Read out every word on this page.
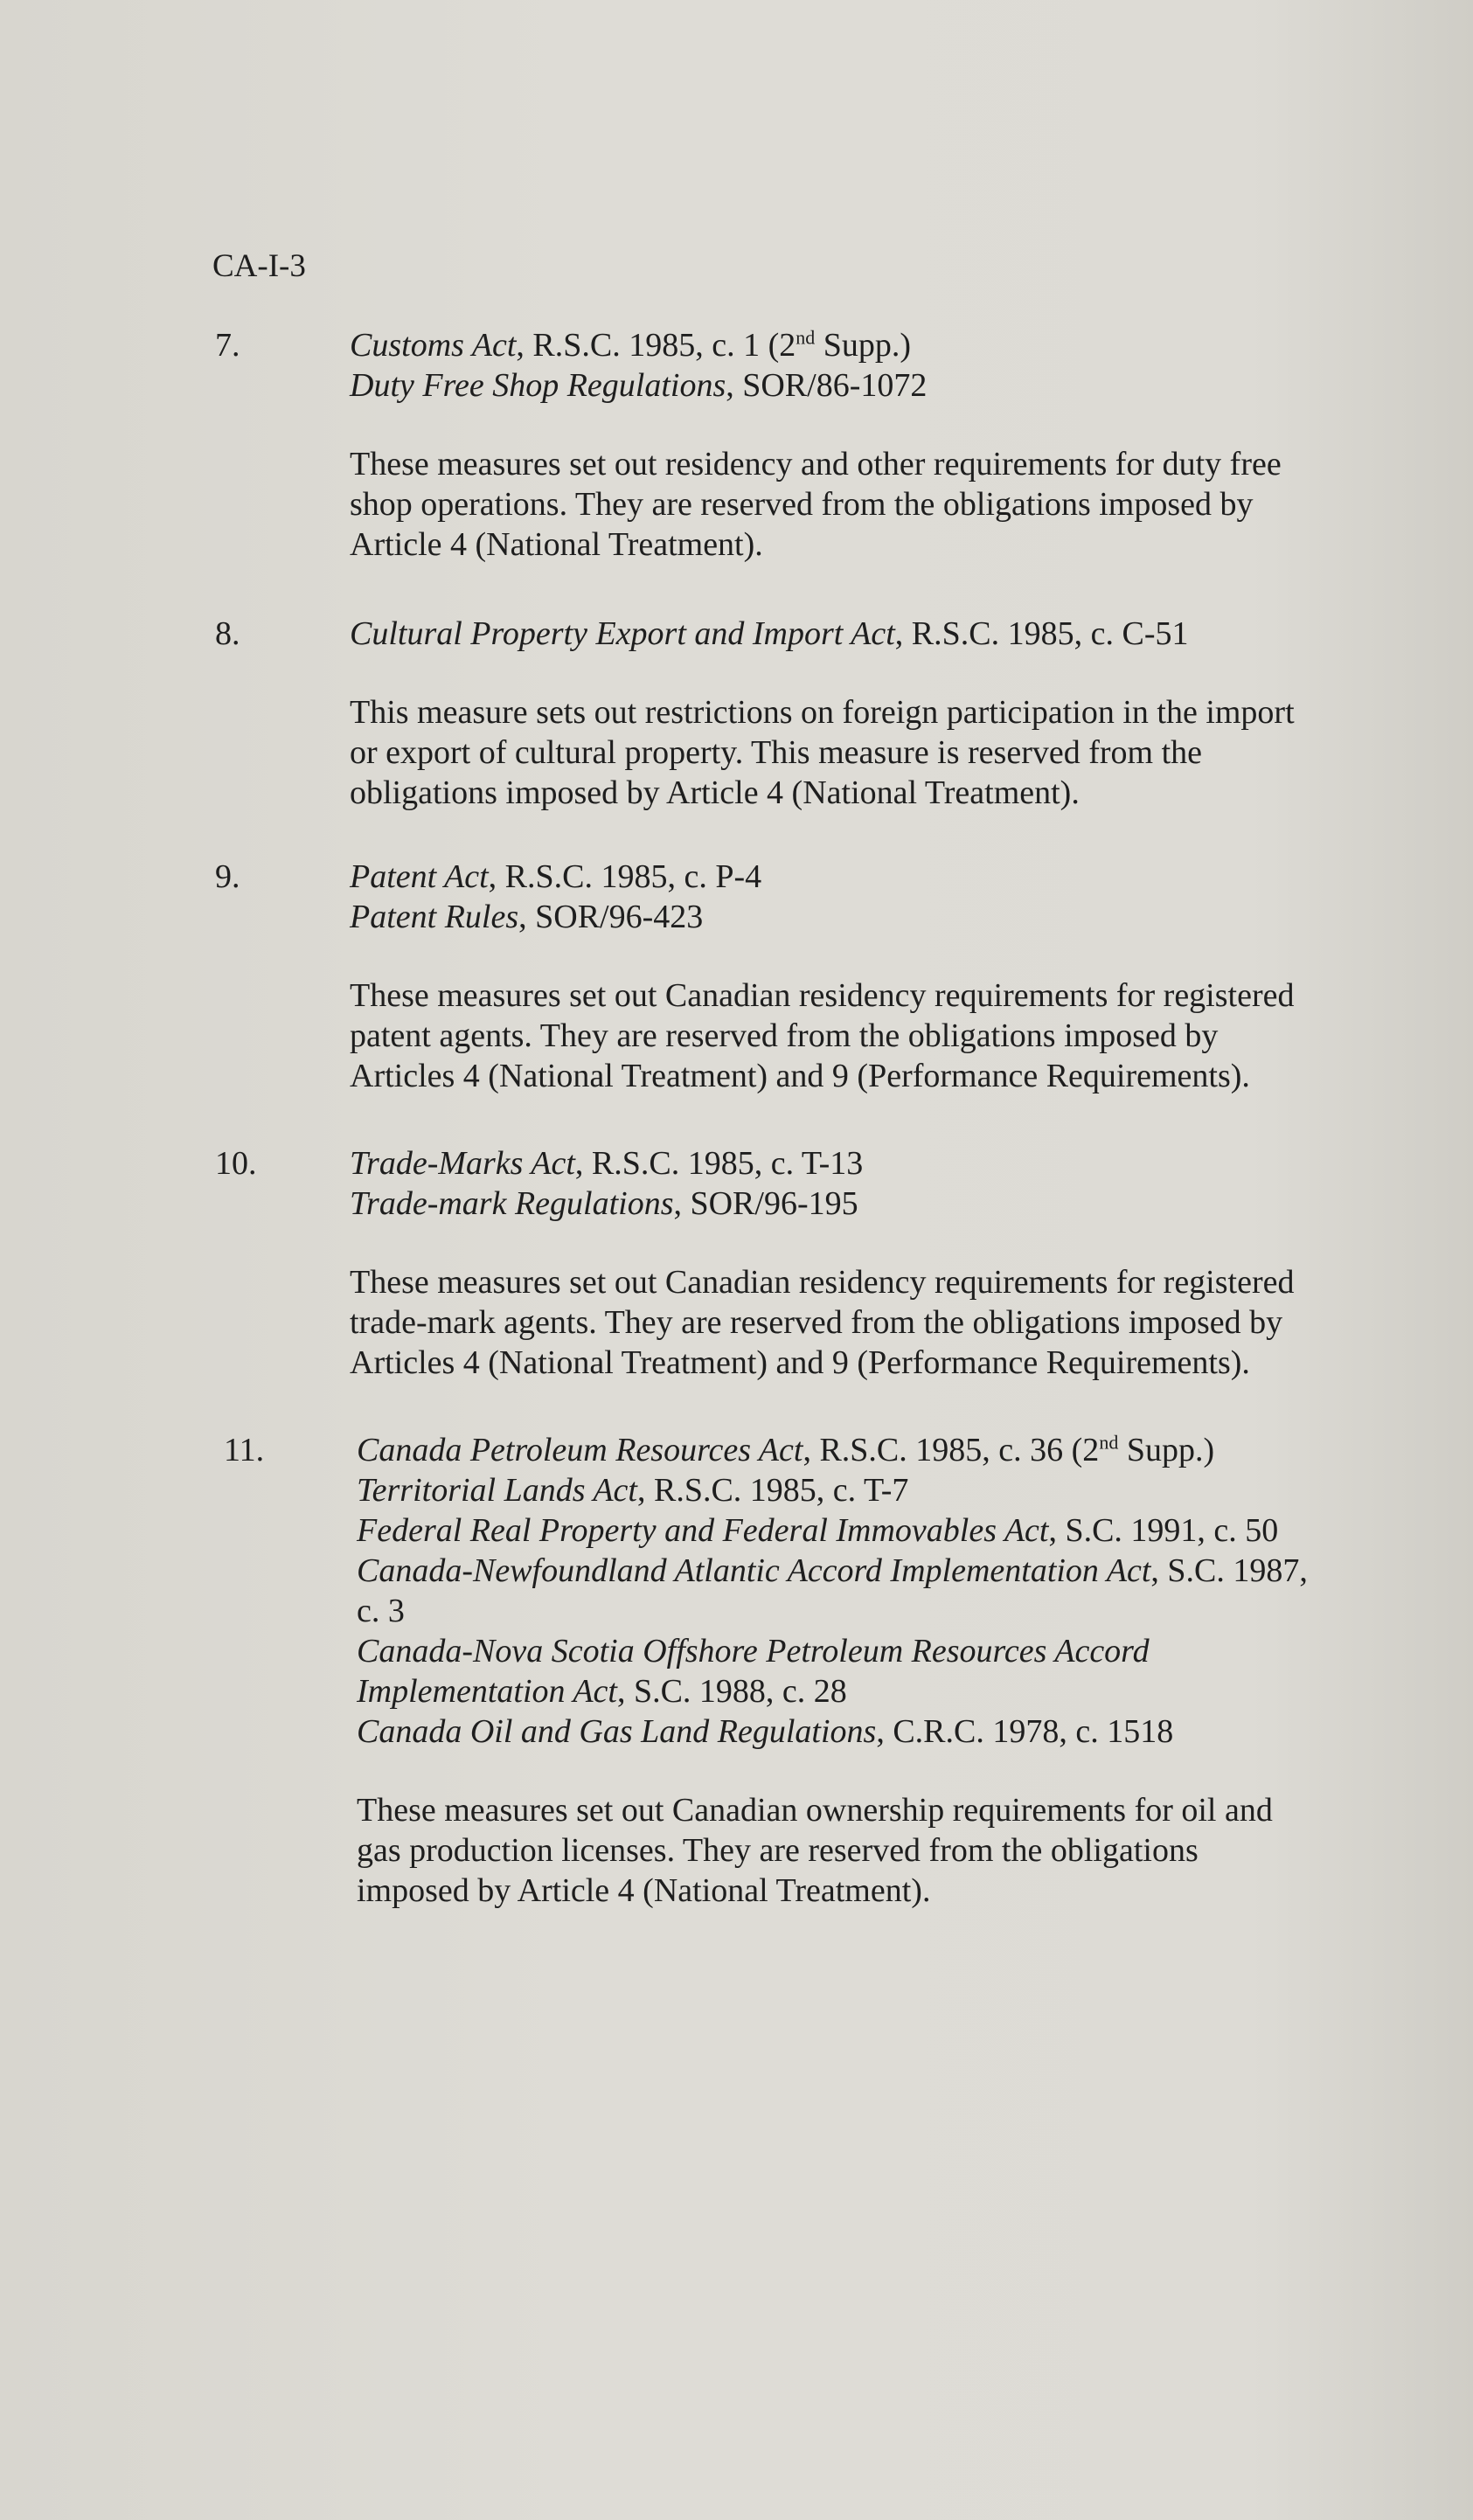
CA-I-3
7.	Customs Act, R.S.C. 1985, c. 1 (2nd Supp.)
Duty Free Shop Regulations, SOR/86-1072
These measures set out residency and other requirements for duty free
shop operations. They are reserved from the obligations imposed by
Article 4 (National Treatment).
8.	Cultural Property Export and Import Act, R.S.C. 1985, c. C-51
This measure sets out restrictions on foreign participation in the import
or export of cultural property. This measure is reserved from the
obligations imposed by Article 4 (National Treatment).
9.	Patent Act, R.S.C. 1985, c. P-4
Patent Rules, SOR/96-423
These measures set out Canadian residency requirements for registered
patent agents. They are reserved from the obligations imposed by
Articles 4 (National Treatment) and 9 (Performance Requirements).
10.	Trade-Marks Act, R.S.C. 1985, c. T-13
Trade-mark Regulations, SOR/96-195
These measures set out Canadian residency requirements for registered
trade-mark agents. They are reserved from the obligations imposed by
Articles 4 (National Treatment) and 9 (Performance Requirements).
11.	Canada Petroleum Resources Act, R.S.C. 1985, c. 36 (2nd Supp.)
Territorial Lands Act, R.S.C. 1985, c. T-7
Federal Real Property and Federal Immovables Act, S.C. 1991, c. 50
Canada-Newfoundland Atlantic Accord Implementation Act, S.C. 1987,
c. 3
Canada-Nova Scotia Offshore Petroleum Resources Accord
Implementation Act, S.C. 1988, c. 28
Canada Oil and Gas Land Regulations, C.R.C. 1978, c. 1518
These measures set out Canadian ownership requirements for oil and
gas production licenses. They are reserved from the obligations
imposed by Article 4 (National Treatment).
